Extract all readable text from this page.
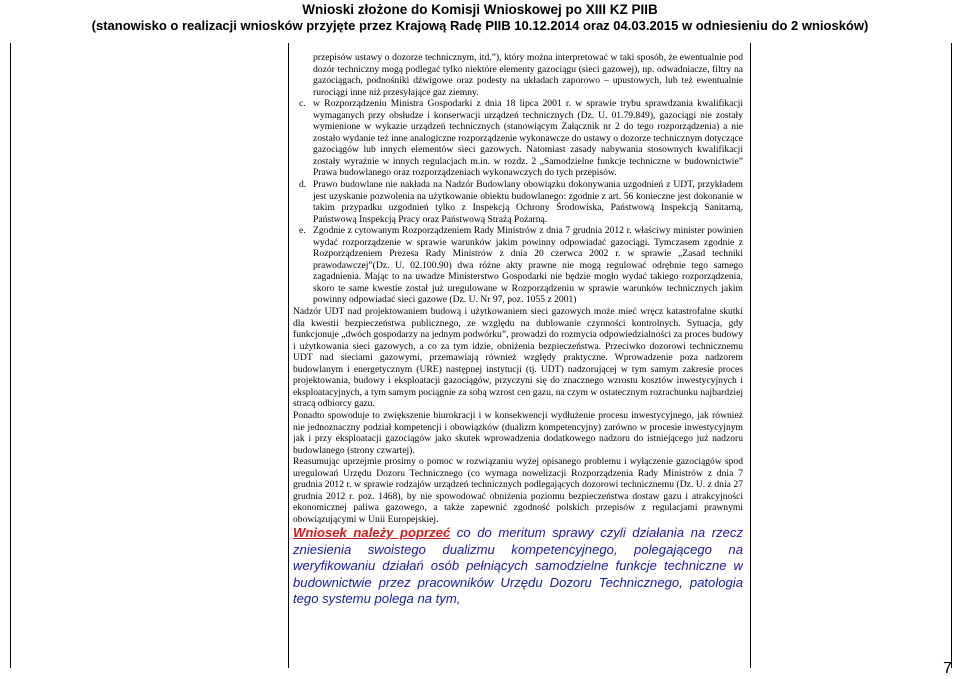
Wnioski złożone do Komisji Wnioskowej po XIII KZ PIIB
(stanowisko o realizacji wniosków przyjęte przez Krajową Radę PIIB 10.12.2014 oraz 04.03.2015 w odniesieniu do 2 wniosków)

przepisów ustawy o dozorze technicznym, itd.”), który można interpretować w taki sposób, że ewentualnie pod dozór techniczny mogą podlegać tylko niektóre elementy gazociągu (sieci gazowej), np. odwadniacze, filtry na gazociągach, podnośniki dźwigowe oraz podesty na układach zaporowo – upustowych, lub też ewentualnie rurociągi inne niż przesyłające gaz ziemny.

c. w Rozporządzeniu Ministra Gospodarki z dnia 18 lipca 2001 r. w sprawie trybu sprawdzania kwalifikacji wymaganych przy obsłudze i konserwacji urządzeń technicznych (Dz. U. 01.79.849), gazociągi nie zostały wymienione w wykazie urządzeń technicznych (stanowiącym Załącznik nr 2 do tego rozporządzenia) a nie zostało wydanie też inne analogiczne rozporządzenie wykonawcze do ustawy o dozorze technicznym dotyczące gazociągów lub innych elementów sieci gazowych. Natomiast zasady nabywania stosownych kwalifikacji zostały wyraźnie w innych regulacjach m.in. w rozdz. 2 „Samodzielne funkcje techniczne w budownictwie” Prawa budowlanego oraz rozporządzeniach wykonawczych do tych przepisów.
d. Prawo budowlane nie nakłada na Nadzór Budowlany obowiązku dokonywania uzgodnień z UDT, przykładem jest uzyskanie pozwolenia na użytkowanie obiektu budowlanego: zgodnie z art. 56 konieczne jest dokonanie w takim przypadku uzgodnień tylko z Inspekcją Ochrony Środowiska, Państwową Inspekcją Sanitarną, Państwową Inspekcją Pracy oraz Państwową Strażą Pożarną.
e. Zgodnie z cytowanym Rozporządzeniem Rady Ministrów z dnia 7 grudnia 2012 r. właściwy minister powinien wydać rozporządzenie w sprawie warunków jakim powinny odpowiadać gazociągi. Tymczasem zgodnie z Rozporządzeniem Prezesa Rady Ministrów z dnia 20 czerwca 2002 r. w sprawie „Zasad techniki prawodawczej”(Dz. U. 02.100.90) dwa różne akty prawne nie mogą regulować odrębnie tego samego zagadnienia. Mając to na uwadze Ministerstwo Gospodarki nie będzie mogło wydać takiego rozporządzenia, skoro te same kwestie został już uregulowane w Rozporządzeniu w sprawie warunków technicznych jakim powinny odpowiadać sieci gazowe (Dz. U. Nr 97, poz. 1055 z 2001)

Nadzór UDT nad projektowaniem budową i użytkowaniem sieci gazowych może mieć wręcz katastrofalne skutki dla kwestii bezpieczeństwa publicznego, ze względu na dublowanie czynności kontrolnych. Sytuacja, gdy funkcjonuje „dwóch gospodarzy na jednym podwórku”, prowadzi do rozmycia odpowiedzialności za proces budowy i użytkowania sieci gazowych, a co za tym idzie, obniżenia bezpieczeństwa. Przeciwko dozorowi technicznemu UDT nad sieciami gazowymi, przemawiają również względy praktyczne. Wprowadzenie poza nadzorem budowlanym i energetycznym (URE) następnej instytucji (tj. UDT) nadzorującej w tym samym zakresie proces projektowania, budowy i eksploatacji gazociągów, przyczyni się do znacznego wzrostu kosztów inwestycyjnych i eksploatacyjnych, a tym samym pociągnie za sobą wzrost cen gazu, na czym w ostatecznym rozrachunku najbardziej stracą odbiorcy gazu.

Ponadto spowoduje to zwiększenie biurokracji i w konsekwencji wydłużenie procesu inwestycyjnego, jak również nie jednoznaczny podział kompetencji i obowiązków (dualizm kompetencyjny) zarówno w procesie inwestycyjnym jak i przy eksploatacji gazociągów jako skutek wprowadzenia dodatkowego nadzoru do istniejącego już nadzoru budowlanego (strony czwartej).

Reasumując uprzejmie prosimy o pomoc w rozwiązaniu wyżej opisanego problemu i wyłączenie gazociągów spod uregulowań Urzędu Dozoru Technicznego (co wymaga nowelizacji Rozporządzenia Rady Ministrów z dnia 7 grudnia 2012 r. w sprawie rodzajów urządzeń technicznych podlegających dozorowi technicznemu (Dz. U. z dnia 27 grudnia 2012 r. poz. 1468), by nie spowodować obniżenia poziomu bezpieczeństwa dostaw gazu i atrakcyjności ekonomicznej paliwa gazowego, a także zapewnić zgodność polskich przepisów z regulacjami prawnymi obowiązującymi w Unii Europejskiej.

Wniosek należy poprzeć co do meritum sprawy czyli działania na rzecz zniesienia swoistego dualizmu kompetencyjnego, polegającego na weryfikowaniu działań osób pełniących samodzielne funkcje techniczne w budownictwie przez pracowników Urzędu Dozoru Technicznego, patologia tego systemu polega na tym,

7
